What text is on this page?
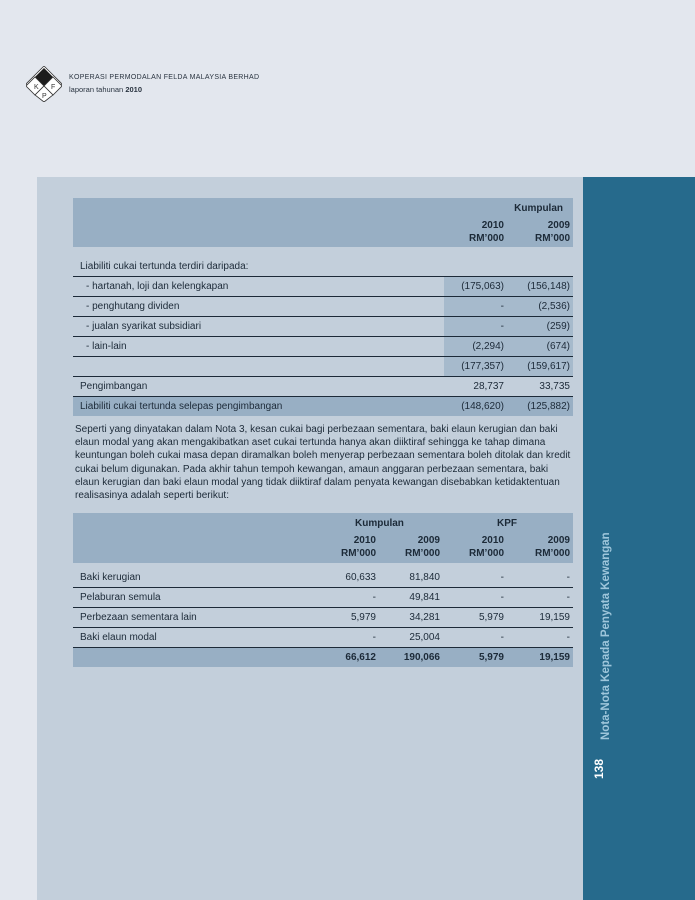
K
P
F
KOPERASI PERMODALAN FELDA MALAYSIA BERHAD
laporan tahunan 2010
Nota-Nota Kepada Penyata Kewangan
138
Kumpulan
2010
RM’000
2009
RM’000
Liabiliti cukai tertunda terdiri daripada:
- hartanah, loji dan kelengkapan	(175,063) (156,148)
- penghutang dividen	-	(2,536)
- jualan syarikat subsidiari	-	(259)
- lain-lain	(2,294)	(674)
(177,357) (159,617)
Pengimbangan	28,737	33,735
Liabiliti cukai tertunda selepas pengimbangan	(148,620) (125,882)
Seperti yang dinyatakan dalam Nota 3, kesan cukai bagi perbezaan sementara, baki elaun kerugian dan baki elaun modal yang akan mengakibatkan aset cukai tertunda hanya akan diiktiraf sehingga ke tahap dimana keuntungan boleh cukai masa depan diramalkan boleh menyerap perbezaan sementara boleh ditolak dan kredit cukai belum digunakan. Pada akhir tahun tempoh kewangan, amaun anggaran perbezaan sementara, baki elaun kerugian dan baki elaun modal yang tidak diiktiraf dalam penyata kewangan disebabkan ketidaktentuan realisasinya adalah seperti berikut:
Kumpulan	KPF
2010
RM’000
2009
RM’000
2010
RM’000
2009
RM’000
Baki kerugian	60,633	81,840	-	-
Pelaburan semula	-	49,841	-	-
Perbezaan sementara lain	5,979	34,281	5,979	19,159
Baki elaun modal	-	25,004	-	-
66,612	190,066	5,979	19,159
